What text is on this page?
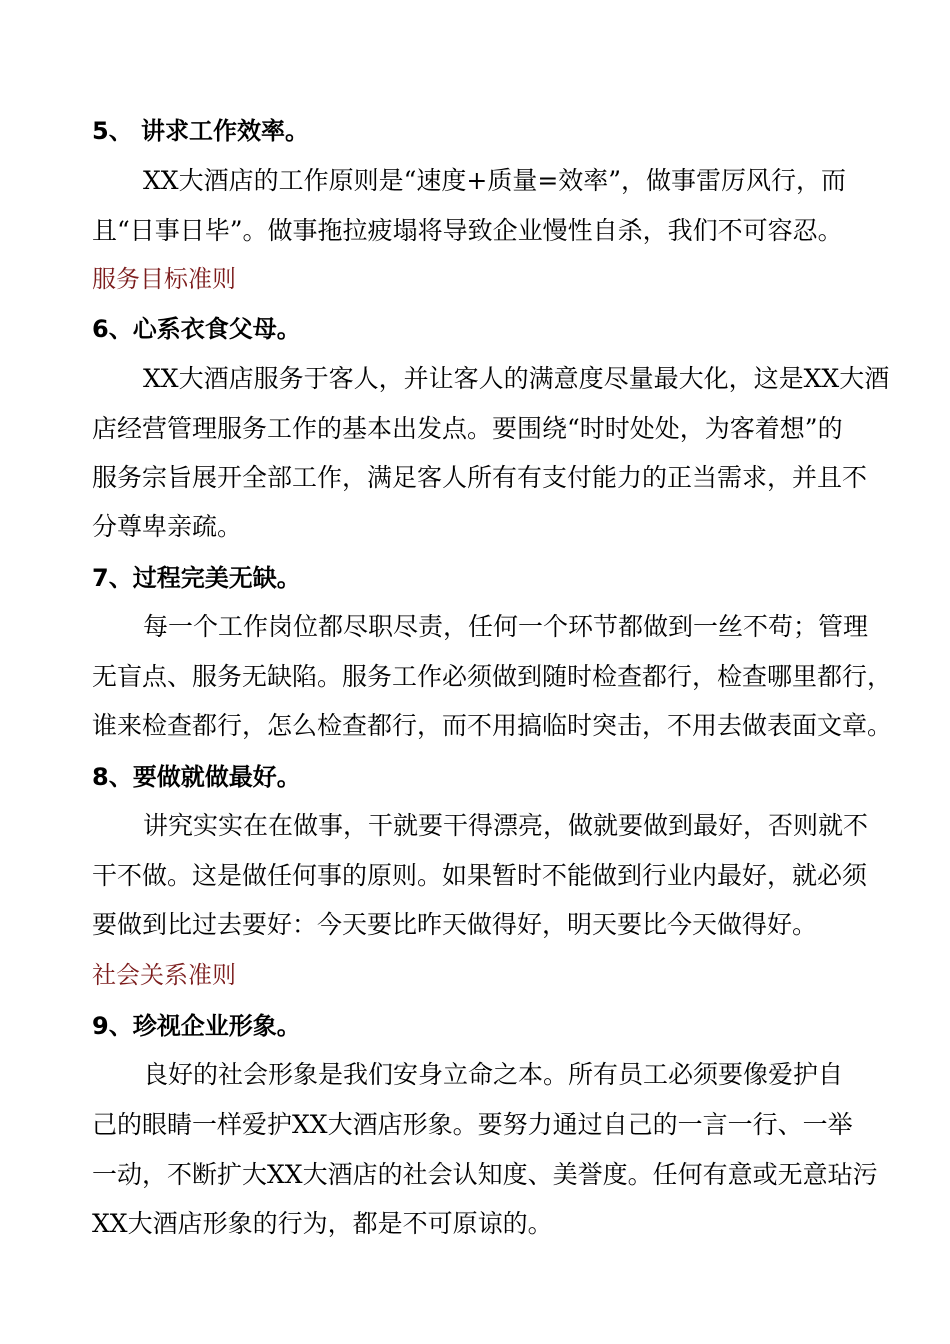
5、 讲求工作效率。
XX大酒店的工作原则是“速度+质量=效率”，做事雷厉风行，而
且“日事日毕”。做事拖拉疲塌将导致企业慢性自杀，我们不可容忍。
服务目标准则
6、心系衣食父母。
XX大酒店服务于客人，并让客人的满意度尽量最大化，这是XX大酒
店经营管理服务工作的基本出发点。要围绕“时时处处，为客着想”的
服务宗旨展开全部工作，满足客人所有有支付能力的正当需求，并且不
分尊卑亲疏。
7、过程完美无缺。
每一个工作岗位都尽职尽责，任何一个环节都做到一丝不苟；管理
无盲点、服务无缺陷。服务工作必须做到随时检查都行，检查哪里都行，
谁来检查都行，怎么检查都行，而不用搞临时突击，不用去做表面文章。
8、要做就做最好。
讲究实实在在做事，干就要干得漂亮，做就要做到最好，否则就不
干不做。这是做任何事的原则。如果暂时不能做到行业内最好，就必须
要做到比过去要好：今天要比昨天做得好，明天要比今天做得好。
社会关系准则
9、珍视企业形象。
良好的社会形象是我们安身立命之本。所有员工必须要像爱护自
己的眼睛一样爱护XX大酒店形象。要努力通过自己的一言一行、一举
一动，不断扩大XX大酒店的社会认知度、美誉度。任何有意或无意玷污
XX大酒店形象的行为，都是不可原谅的。
